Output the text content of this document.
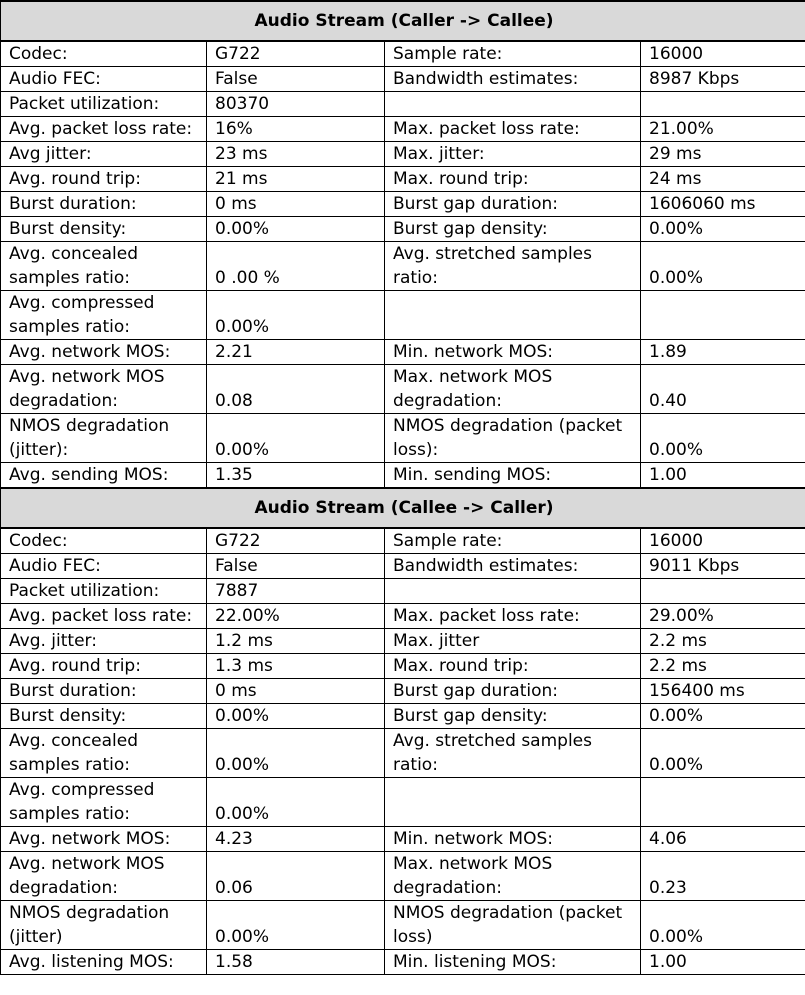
Audio Stream (Caller -> Callee)			
Codec:	G722	Sample rate:	16000
Audio FEC:	False	Bandwidth estimates:	8987 Kbps
Packet utilization:	80370		
Avg. packet loss rate:	16%	Max. packet loss rate:	21.00%
Avg jitter:	23 ms	Max. jitter:	29 ms
Avg. round trip:	21 ms	Max. round trip:	24 ms
Burst duration:	0 ms	Burst gap duration:	1606060 ms
Burst density:	0.00%	Burst gap density:	0.00%
Avg. concealed samples ratio:	0 .00 %	Avg. stretched samples ratio:	0.00%
Avg. compressed samples ratio:	0.00%		
Avg. network MOS:	2.21	Min. network MOS:	1.89
Avg. network MOS degradation:	0.08	Max. network MOS degradation:	0.40
NMOS degradation (jitter):	0.00%	NMOS degradation (packet loss):	0.00%
Avg. sending MOS:	1.35	Min. sending MOS:	1.00
Audio Stream (Callee -> Caller)			
Codec:	G722	Sample rate:	16000
Audio FEC:	False	Bandwidth estimates:	9011 Kbps
Packet utilization:	7887		
Avg. packet loss rate:	22.00%	Max. packet loss rate:	29.00%
Avg. jitter:	1.2 ms	Max. jitter	2.2 ms
Avg. round trip:	1.3 ms	Max. round trip:	2.2 ms
Burst duration:	0 ms	Burst gap duration:	156400 ms
Burst density:	0.00%	Burst gap density:	0.00%
Avg. concealed samples ratio:	0.00%	Avg. stretched samples ratio:	0.00%
Avg. compressed samples ratio:	0.00%		
Avg. network MOS:	4.23	Min. network MOS:	4.06
Avg. network MOS degradation:	0.06	Max. network MOS degradation:	0.23
NMOS degradation (jitter)	0.00%	NMOS degradation (packet loss)	0.00%
Avg. listening MOS:	1.58	Min. listening MOS:	1.00
